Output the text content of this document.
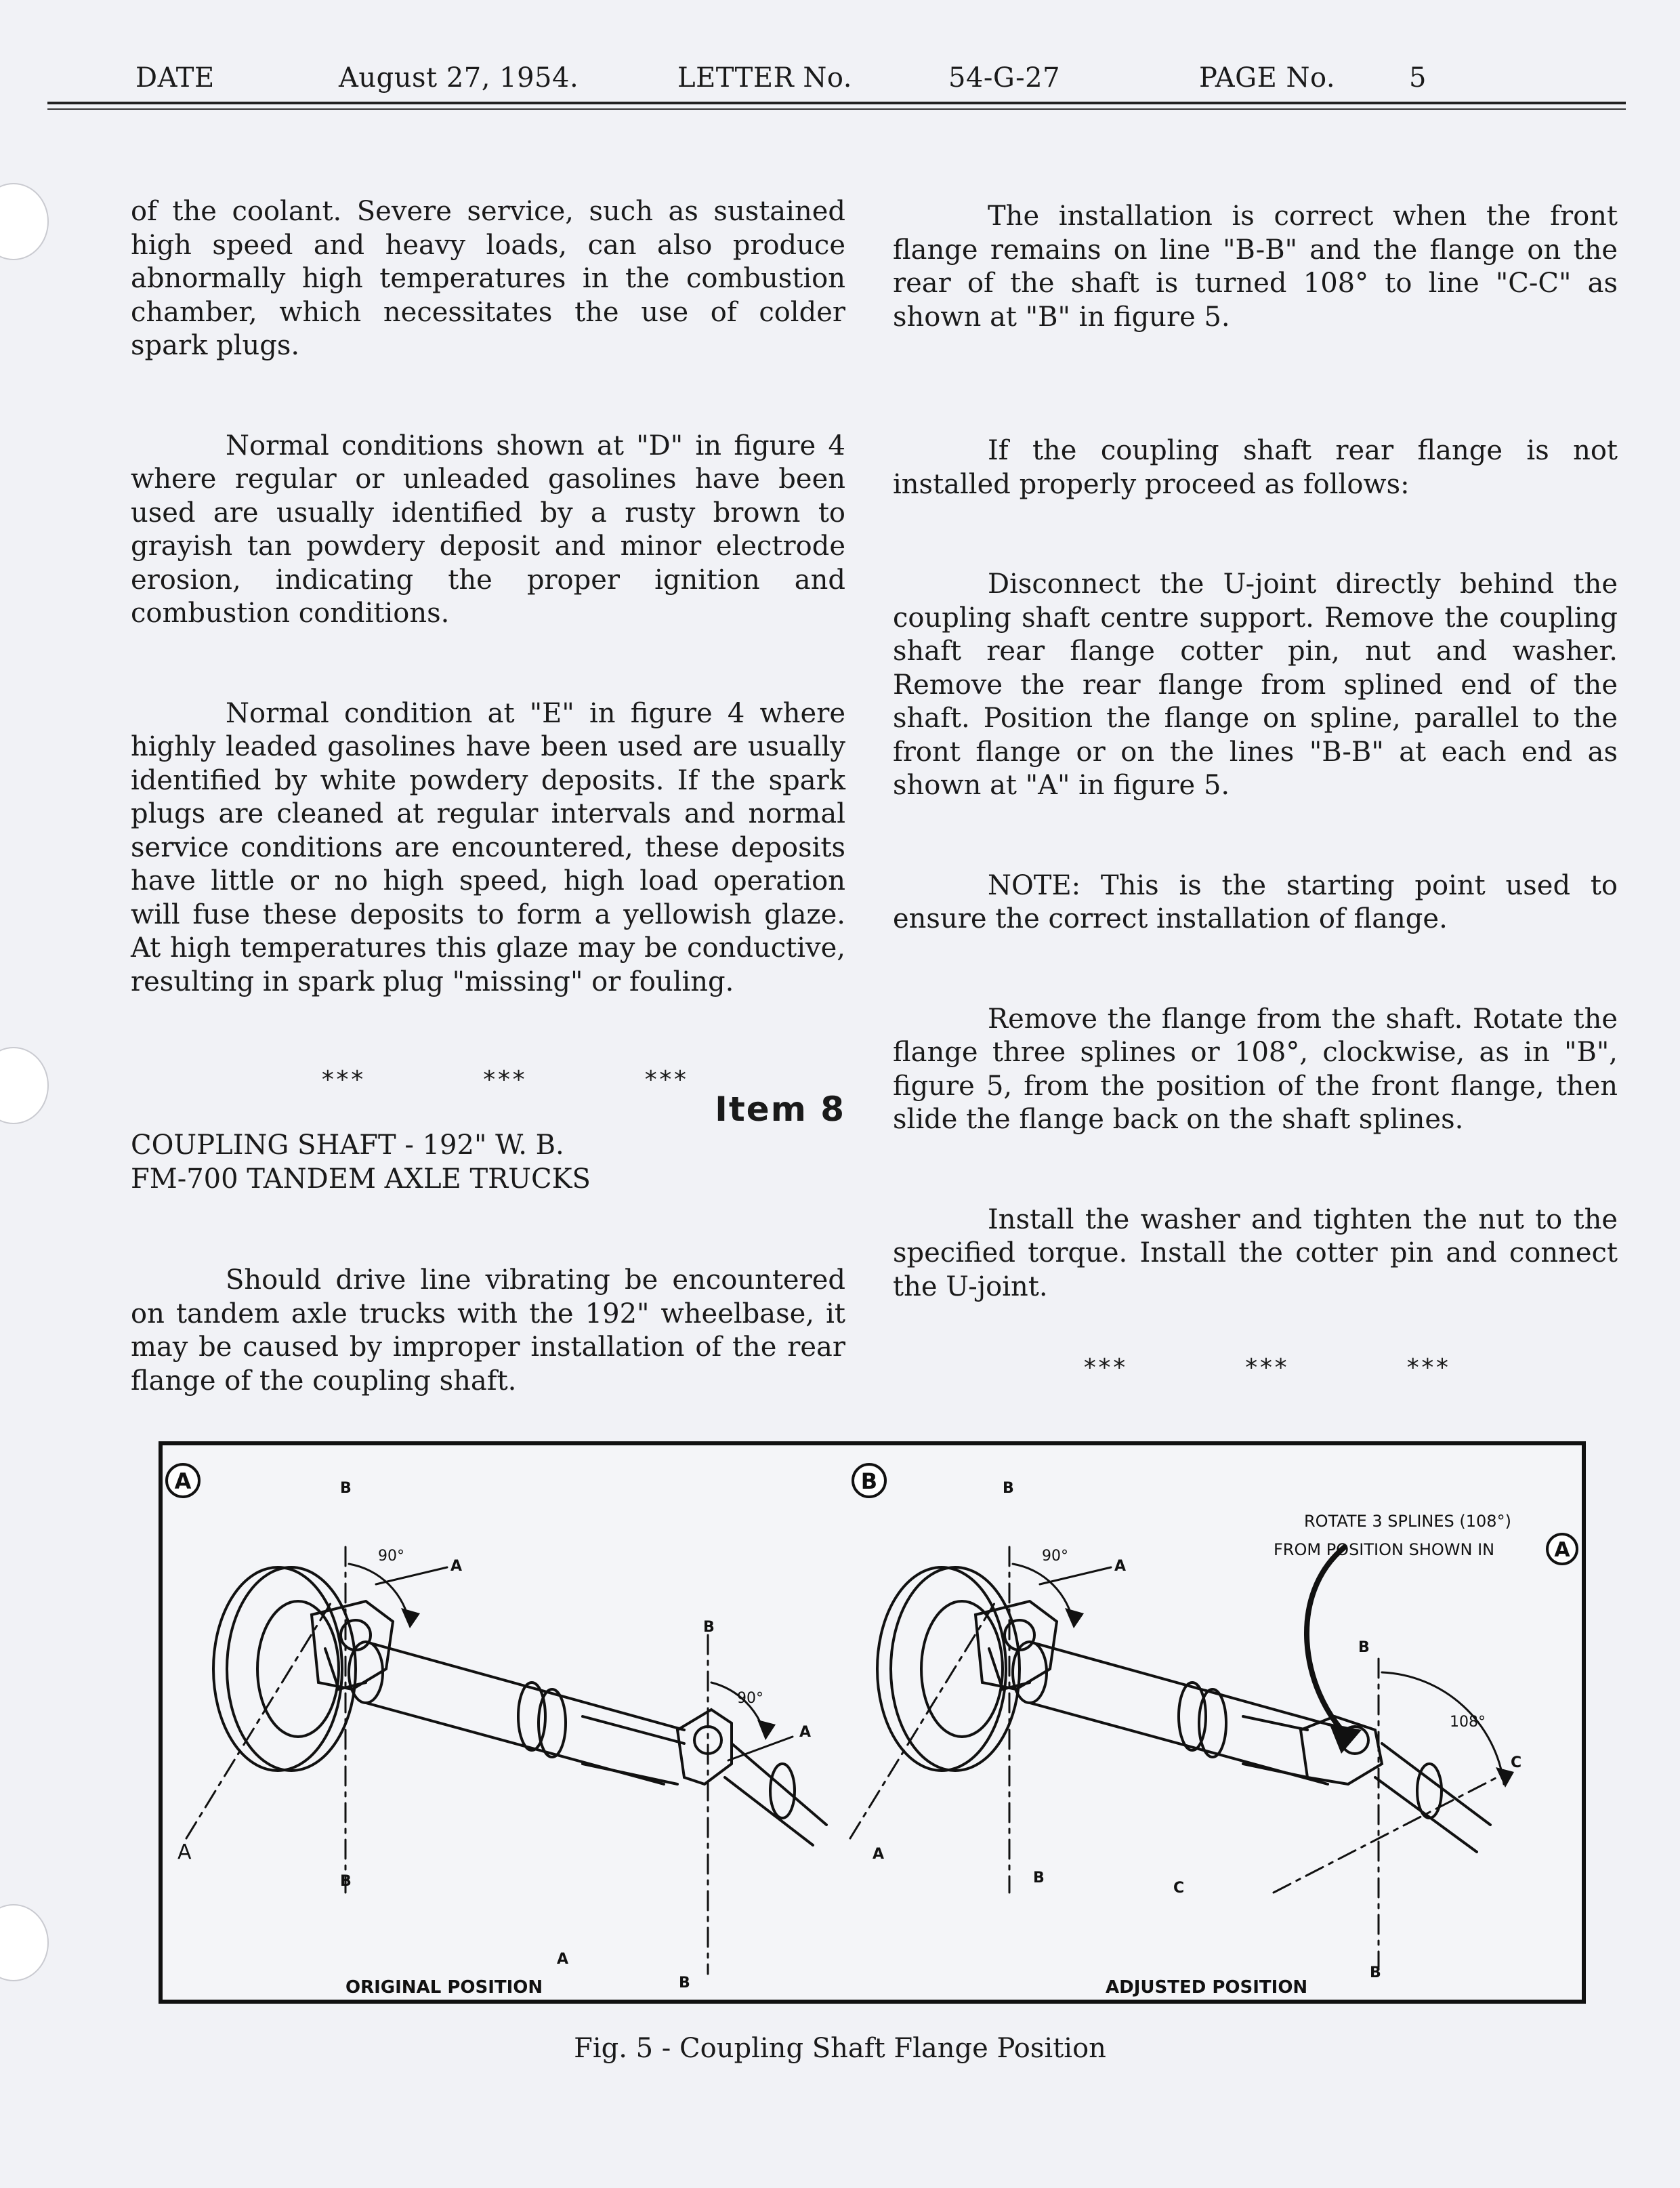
DATE	August 27, 1954.	LETTER No.	54-G-27	PAGE No.	5

of the coolant. Severe service, such as sustained high speed and heavy loads, can also produce abnormally high temperatures in the combustion chamber, which necessitates the use of colder spark plugs.

Normal conditions shown at "D" in figure 4 where regular or unleaded gasolines have been used are usually identified by a rusty brown to grayish tan powdery deposit and minor electrode erosion, indicating the proper ignition and combustion conditions.

Normal condition at "E" in figure 4 where highly leaded gasolines have been used are usually identified by white powdery deposits. If the spark plugs are cleaned at regular intervals and normal service conditions are encountered, these deposits have little or no high speed, high load operation will fuse these deposits to form a yellowish glaze. At high temperatures this glaze may be conductive, resulting in spark plug "missing" or fouling.

***        ***        ***
Item 8

COUPLING SHAFT - 192" W. B.

FM-700 TANDEM AXLE TRUCKS

Should drive line vibrating be encountered on tandem axle trucks with the 192" wheelbase, it may be caused by improper installation of the rear flange of the coupling shaft.

The installation is correct when the front flange remains on line "B-B" and the flange on the rear of the shaft is turned 108° to line "C-C" as shown at "B" in figure 5.

If the coupling shaft rear flange is not installed properly proceed as follows:

Disconnect the U-joint directly behind the coupling shaft centre support. Remove the coupling shaft rear flange cotter pin, nut and washer. Remove the rear flange from splined end of the shaft. Position the flange on spline, parallel to the front flange or on the lines "B-B" at each end as shown at "A" in figure 5.

NOTE: This is the starting point used to ensure the correct installation of flange.

Remove the flange from the shaft. Rotate the flange three splines or 108°, clockwise, as in "B", figure 5, from the position of the front flange, then slide the flange back on the shaft splines.

Install the washer and tighten the nut to the specified torque. Install the cotter pin and connect the U-joint.

***        ***        ***
A	B
90°
A
B
90°
A
A
B
A
B
ORIGINAL POSITION
B	B
90°
A
B
108°
C
A
B
C
B
ADJUSTED POSITION
ROTATE 3 SPLINES (108°)
FROM POSITION SHOWN IN	A
Fig. 5 - Coupling Shaft Flange Position
